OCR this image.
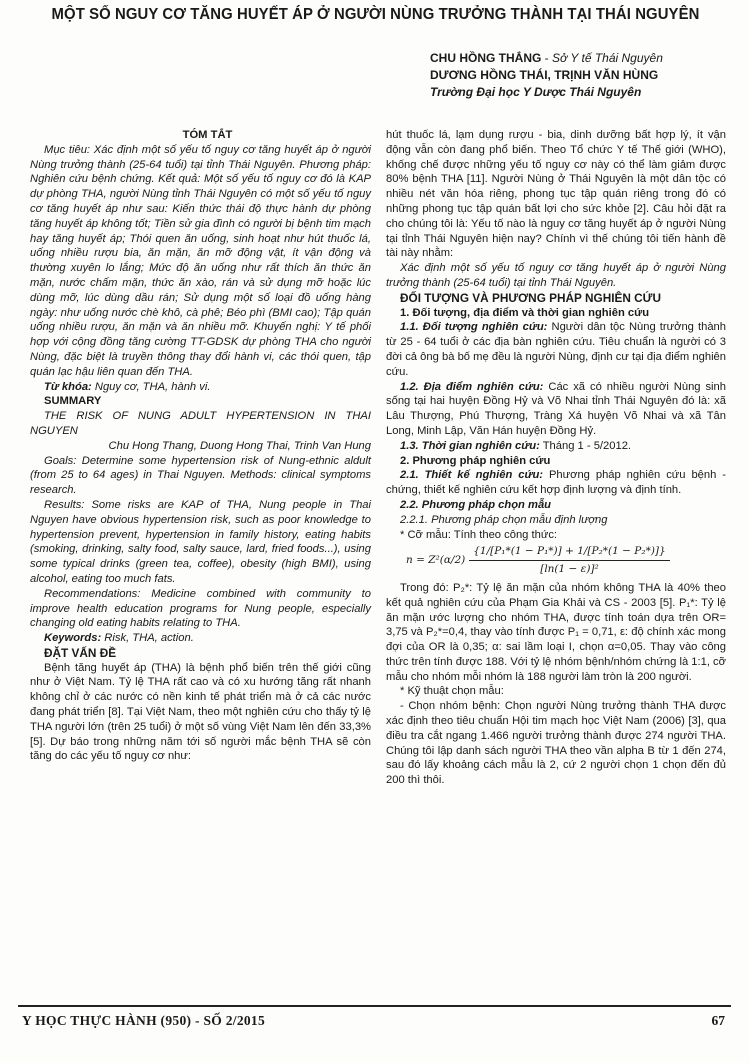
MỘT SỐ NGUY CƠ TĂNG HUYẾT ÁP Ở NGƯỜI NÙNG TRƯỞNG THÀNH TẠI THÁI NGUYÊN
CHU HỒNG THẮNG - Sở Y tế Thái Nguyên
DƯƠNG HỒNG THÁI, TRỊNH VĂN HÙNG
Trường Đại học Y Dược Thái Nguyên

TÓM TẮT

Mục tiêu: Xác định một số yếu tố nguy cơ tăng huyết áp ở người Nùng trưởng thành (25-64 tuổi) tại tỉnh Thái Nguyên. Phương pháp: Nghiên cứu bệnh chứng. Kết quả: Một số yếu tố nguy cơ đó là KAP dự phòng THA, người Nùng tỉnh Thái Nguyên có một số yếu tố nguy cơ tăng huyết áp như sau: Kiến thức thái độ thực hành dự phòng tăng huyết áp không tốt; Tiền sử gia đình có người bị bệnh tim mạch hay tăng huyết áp; Thói quen ăn uống, sinh hoạt như hút thuốc lá, uống nhiều rượu bia, ăn mặn, ăn mỡ động vật, ít vận động và thường xuyên lo lắng; Mức độ ăn uống như rất thích ăn thức ăn mặn, nước chấm mặn, thức ăn xào, rán và sử dụng mỡ hoặc lúc dùng mỡ, lúc dùng dầu rán; Sử dụng một số loại đồ uống hàng ngày: như uống nước chè khô, cà phê; Béo phì (BMI cao); Tập quán uống nhiều rượu, ăn mặn và ăn nhiều mỡ. Khuyến nghị: Y tế phối hợp với cộng đồng tăng cường TT-GDSK dự phòng THA cho người Nùng, đặc biệt là truyền thông thay đổi hành vi, các thói quen, tập quán lạc hậu liên quan đến THA.

Từ khóa: Nguy cơ, THA, hành vi.

SUMMARY

THE RISK OF NUNG ADULT HYPERTENSION IN THAI NGUYEN

Chu Hong Thang, Duong Hong Thai, Trinh Van Hung

Goals: Determine some hypertension risk of Nung-ethnic aldult (from 25 to 64 ages) in Thai Nguyen. Methods: clinical symptoms research.

Results: Some risks are KAP of THA, Nung people in Thai Nguyen have obvious hypertension risk, such as poor knowledge to hypertension prevent, hypertension in family history, eating habits (smoking, drinking, salty food, salty sauce, lard, fried foods...), using some typical drinks (green tea, coffee), obesity (high BMI), using alcohol, eating too much fats.

Recommendations: Medicine combined with community to improve health education programs for Nung people, especially changing old eating habits relating to THA.

Keywords: Risk, THA, action.

ĐẶT VẤN ĐỀ

Bệnh tăng huyết áp (THA) là bệnh phổ biến trên thế giới cũng như ở Việt Nam. Tỷ lệ THA rất cao và có xu hướng tăng rất nhanh không chỉ ở các nước có nền kinh tế phát triển mà ở cả các nước đang phát triển [8]. Tại Việt Nam, theo một nghiên cứu cho thấy tỷ lệ THA người lớn (trên 25 tuổi) ở một số vùng Việt Nam lên đến 33,3% [5]. Dự báo trong những năm tới số người mắc bệnh THA sẽ còn tăng do các yếu tố nguy cơ như:

hút thuốc lá, lạm dụng rượu - bia, dinh dưỡng bất hợp lý, ít vận động vẫn còn đang phổ biến. Theo Tổ chức Y tế Thế giới (WHO), khống chế được những yếu tố nguy cơ này có thể làm giảm được 80% bệnh THA [11]. Người Nùng ở Thái Nguyên là một dân tộc có nhiều nét văn hóa riêng, phong tục tập quán riêng trong đó có những phong tục tập quán bất lợi cho sức khỏe [2]. Câu hỏi đặt ra cho chúng tôi là: Yếu tố nào là nguy cơ tăng huyết áp ở người Nùng tại tỉnh Thái Nguyên hiện nay? Chính vì thế chúng tôi tiến hành đề tài này nhằm:

Xác định một số yếu tố nguy cơ tăng huyết áp ở người Nùng trưởng thành (25-64 tuổi) tại tỉnh Thái Nguyên.

ĐỐI TƯỢNG VÀ PHƯƠNG PHÁP NGHIÊN CỨU

1. Đối tượng, địa điểm và thời gian nghiên cứu

1.1. Đối tượng nghiên cứu: Người dân tộc Nùng trưởng thành từ 25 - 64 tuổi ở các địa bàn nghiên cứu. Tiêu chuẩn là người có 3 đời cả ông bà bố mẹ đều là người Nùng, định cư tại địa điểm nghiên cứu.

1.2. Địa điểm nghiên cứu: Các xã có nhiều người Nùng sinh sống tại hai huyện Đồng Hỷ và Võ Nhai tỉnh Thái Nguyên đó là: xã Lâu Thượng, Phú Thượng, Tràng Xá huyện Võ Nhai và xã Tân Long, Minh Lập, Văn Hán huyện Đồng Hỷ.

1.3. Thời gian nghiên cứu: Tháng 1 - 5/2012.

2. Phương pháp nghiên cứu

2.1. Thiết kế nghiên cứu: Phương pháp nghiên cứu bệnh - chứng, thiết kế nghiên cứu kết hợp định lượng và định tính.

2.2. Phương pháp chọn mẫu

2.2.1. Phương pháp chọn mẫu định lượng

* Cỡ mẫu: Tính theo công thức:

$n = Z^2(\alpha/2) \frac{\text{\{1/[P₁*(1 − P₁*)] + 1/[P₂*(1 − P₂*)]\}}}{\text{[ln(1 − ε)]²}}$

Trong đó: P₂*: Tỷ lệ ăn mặn của nhóm không THA là 40% theo kết quả nghiên cứu của Phạm Gia Khải và CS - 2003 [5]. P₁*: Tỷ lệ ăn mặn ước lượng cho nhóm THA, được tính toán dựa trên OR= 3,75 và P₂*=0,4, thay vào tính được P₁ = 0,71, ε: độ chính xác mong đợi của OR là 0,35; α: sai lầm loại I, chọn α=0,05. Thay vào công thức trên tính được 188. Với tỷ lệ nhóm bệnh/nhóm chứng là 1:1, cỡ mẫu cho nhóm mỗi nhóm là 188 người làm tròn là 200 người.

* Kỹ thuật chọn mẫu:

- Chọn nhóm bệnh: Chọn người Nùng trưởng thành THA được xác định theo tiêu chuẩn Hội tim mạch học Việt Nam (2006) [3], qua điều tra cắt ngang 1.466 người trưởng thành được 274 người THA. Chúng tôi lập danh sách người THA theo vần alpha B từ 1 đến 274, sau đó lấy khoảng cách mẫu là 2, cứ 2 người chọn 1 chọn đến đủ 200 thì thôi.

Y HỌC THỰC HÀNH (950) - SỐ 2/2015	67
